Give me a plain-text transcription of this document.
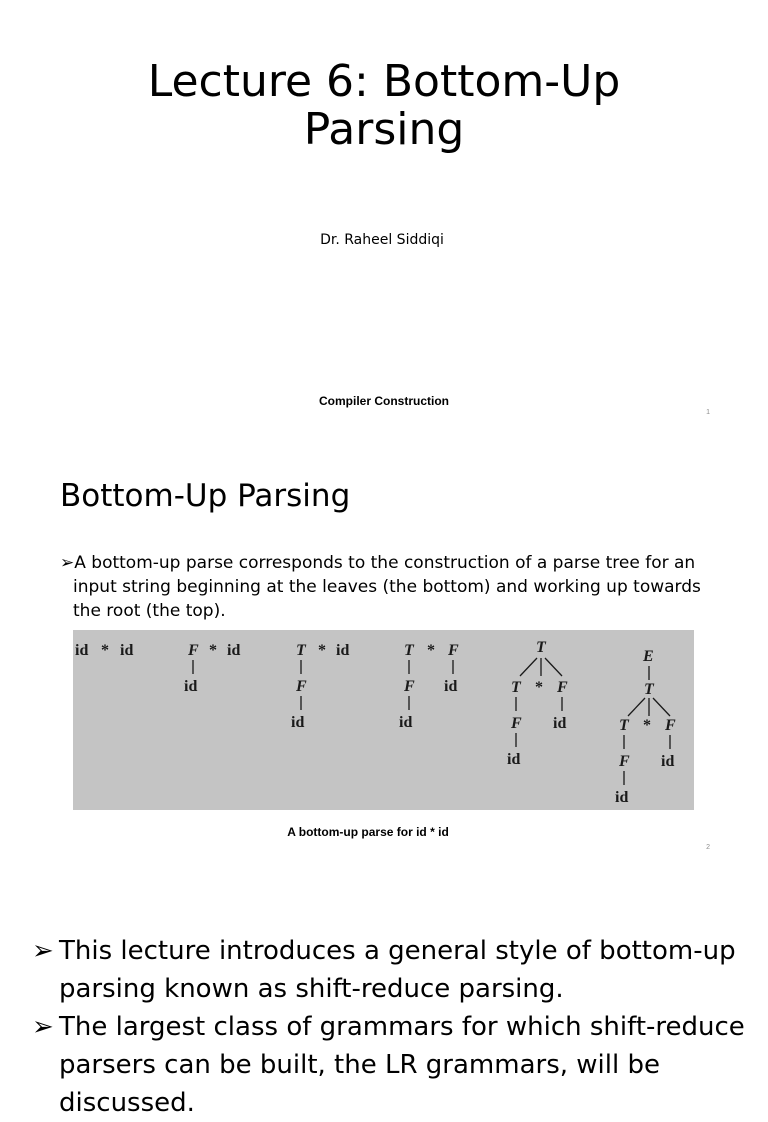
Lecture 6: Bottom-Up
Parsing
Dr. Raheel Siddiqi
Compiler Construction
1
Bottom-Up Parsing
➢A bottom-up parse corresponds to the construction of a parse tree for an input string beginning at the leaves (the bottom) and working up towards the root (the top).
id * id	F * id
id
T * id
F
id
T * F
F id
id
T
T * F
F id
id
E
T
T * F
F id
id
A bottom-up parse for id * id
2
➢ This lecture introduces a general style of bottom-up parsing known as shift-reduce parsing.
➢ The largest class of grammars for which shift-reduce parsers can be built, the LR grammars, will be discussed.
